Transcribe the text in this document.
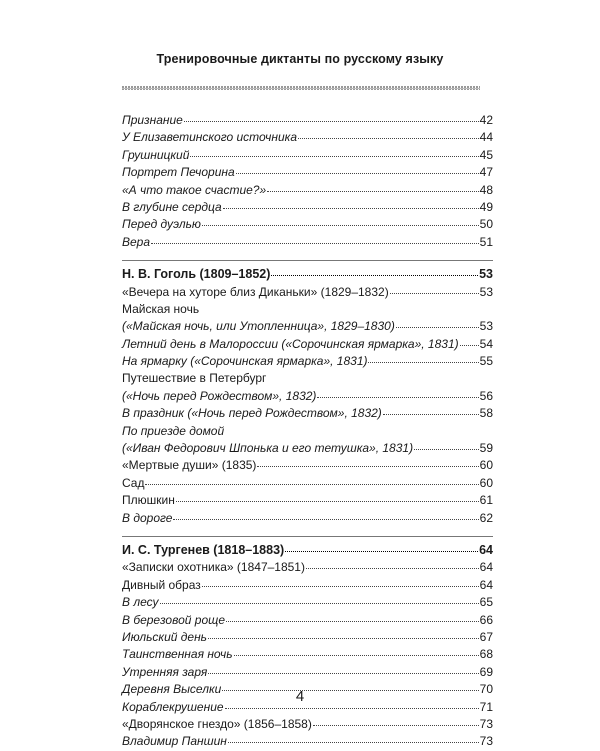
Тренировочные диктанты по русскому языку
Признание	42
У Елизаветинского источника	44
Грушницкий	45
Портрет Печорина	47
«А что такое счастие?»	48
В глубине сердца	49
Перед дуэлью	50
Вера	51
Н. В. Гоголь (1809–1852)	53
«Вечера на хуторе близ Диканьки» (1829–1832)	53
Майская ночь
(«Майская ночь, или Утопленница», 1829–1830)	53
Летний день в Малороссии («Сорочинская ярмарка», 1831) 54
На ярмарку («Сорочинская ярмарка», 1831)	55
Путешествие в Петербург
(«Ночь перед Рождеством», 1832)	56
В праздник («Ночь перед Рождеством», 1832)	58
По приезде домой
(«Иван Федорович Шпонька и его тетушка», 1831)	59
«Мертвые души» (1835)	60
Сад	60
Плюшкин	61
В дороге	62
И. С. Тургенев (1818–1883)	64
«Записки охотника» (1847–1851)	64
Дивный образ	64
В лесу	65
В березовой роще	66
Июльский день	67
Таинственная ночь	68
Утренняя заря	69
Деревня Выселки	70
Кораблекрушение	71
«Дворянское гнездо» (1856–1858)	73
Владимир Паншин	73
4
